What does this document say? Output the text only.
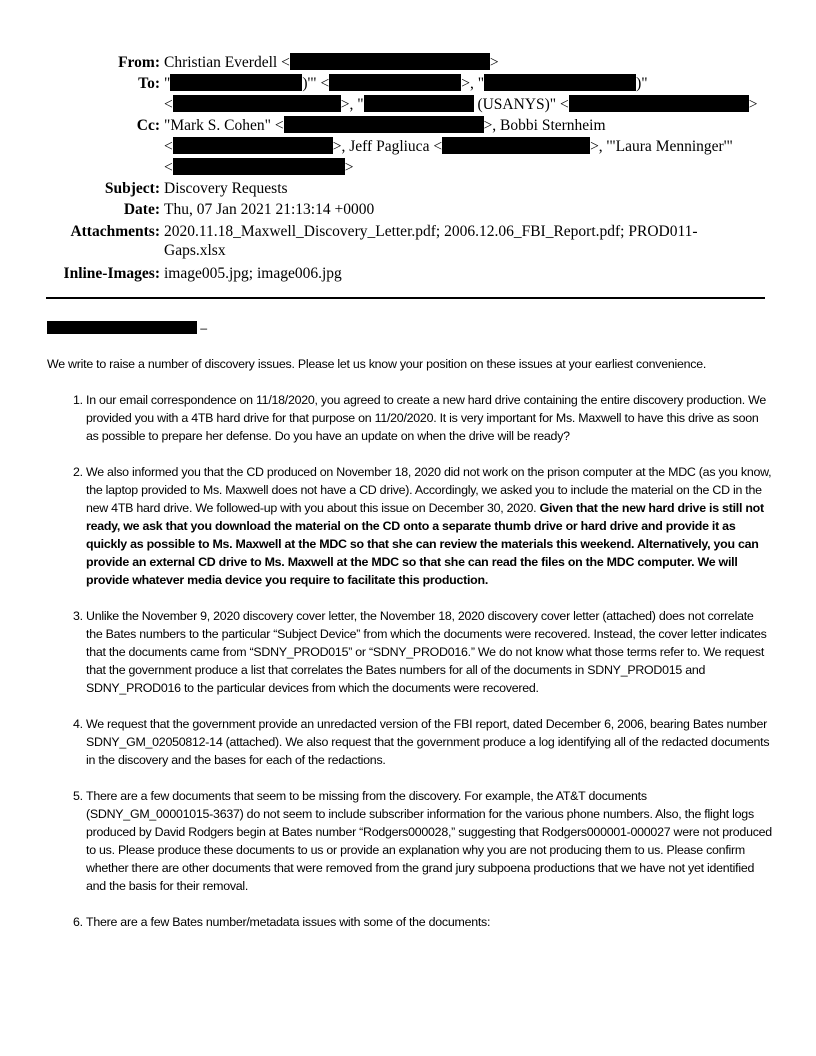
From: Christian Everdell <	>
To: "	)'" <	>, "	)"
<	>, "	(USANYS)" <	>
Cc: "Mark S. Cohen" <	>, Bobbi Sternheim
<	>, Jeff Pagliuca <	>, '"Laura Menninger'"
<	>
Subject: Discovery Requests
Date: Thu, 07 Jan 2021 21:13:14 +0000
Attachments: 2020.11.18_Maxwell_Discovery_Letter.pdf; 2006.12.06_FBI_Report.pdf; PROD011-Gaps.xlsx
Inline-Images: image005.jpg; image006.jpg

–

We write to raise a number of discovery issues. Please let us know your position on these issues at your earliest convenience.

1. In our email correspondence on 11/18/2020, you agreed to create a new hard drive containing the entire discovery production. We provided you with a 4TB hard drive for that purpose on 11/20/2020. It is very important for Ms. Maxwell to have this drive as soon as possible to prepare her defense. Do you have an update on when the drive will be ready?
2. We also informed you that the CD produced on November 18, 2020 did not work on the prison computer at the MDC (as you know, the laptop provided to Ms. Maxwell does not have a CD drive). Accordingly, we asked you to include the material on the CD in the new 4TB hard drive. We followed-up with you about this issue on December 30, 2020. Given that the new hard drive is still not ready, we ask that you download the material on the CD onto a separate thumb drive or hard drive and provide it as quickly as possible to Ms. Maxwell at the MDC so that she can review the materials this weekend. Alternatively, you can provide an external CD drive to Ms. Maxwell at the MDC so that she can read the files on the MDC computer. We will provide whatever media device you require to facilitate this production.
3. Unlike the November 9, 2020 discovery cover letter, the November 18, 2020 discovery cover letter (attached) does not correlate the Bates numbers to the particular “Subject Device” from which the documents were recovered. Instead, the cover letter indicates that the documents came from “SDNY_PROD015” or “SDNY_PROD016.” We do not know what those terms refer to. We request that the government produce a list that correlates the Bates numbers for all of the documents in SDNY_PROD015 and SDNY_PROD016 to the particular devices from which the documents were recovered.
4. We request that the government provide an unredacted version of the FBI report, dated December 6, 2006, bearing Bates number SDNY_GM_02050812-14 (attached). We also request that the government produce a log identifying all of the redacted documents in the discovery and the bases for each of the redactions.
5. There are a few documents that seem to be missing from the discovery. For example, the AT&T documents (SDNY_GM_00001015-3637) do not seem to include subscriber information for the various phone numbers. Also, the flight logs produced by David Rodgers begin at Bates number “Rodgers000028,” suggesting that Rodgers000001-000027 were not produced to us. Please produce these documents to us or provide an explanation why you are not producing them to us. Please confirm whether there are other documents that were removed from the grand jury subpoena productions that we have not yet identified and the basis for their removal.
6. There are a few Bates number/metadata issues with some of the documents:
